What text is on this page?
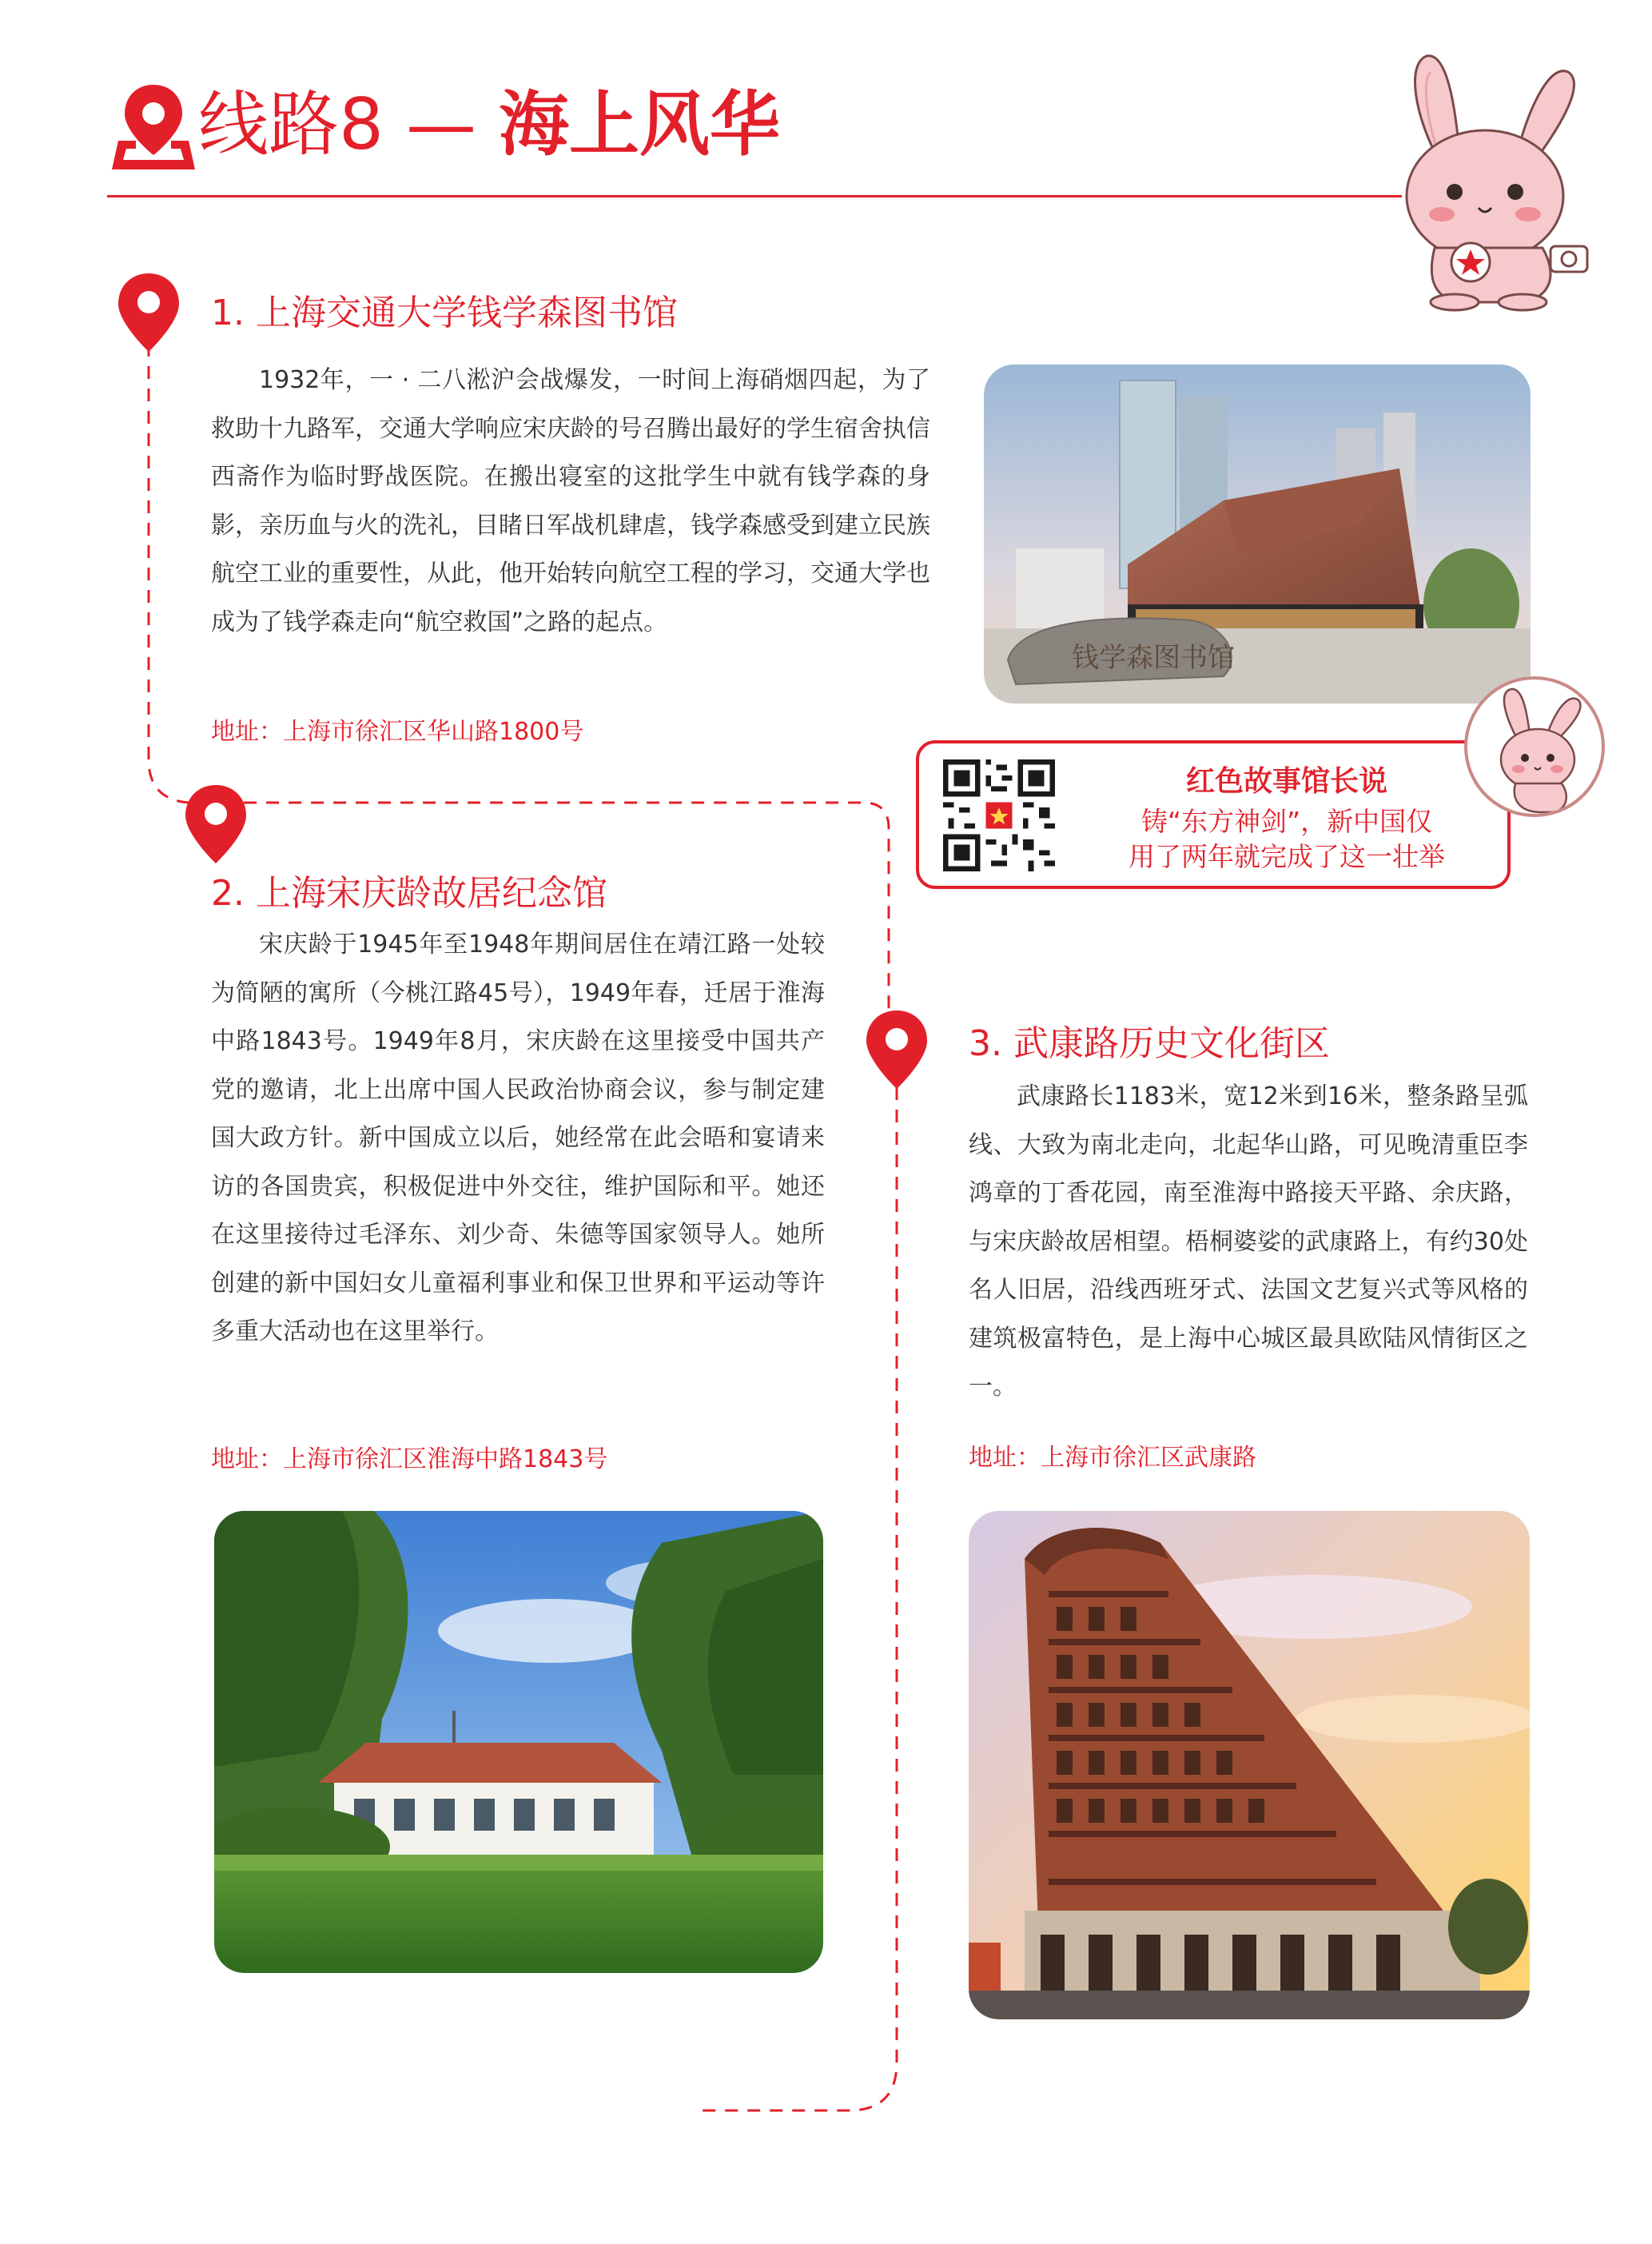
线路8 — 海上风华
1. 上海交通大学钱学森图书馆
1932年，一 · 二八淞沪会战爆发，一时间上海硝烟四起，为了救助十九路军，交通大学响应宋庆龄的号召腾出最好的学生宿舍执信西斋作为临时野战医院。在搬出寝室的这批学生中就有钱学森的身影，亲历血与火的洗礼，目睹日军战机肆虐，钱学森感受到建立民族航空工业的重要性，从此，他开始转向航空工程的学习，交通大学也成为了钱学森走向“航空救国”之路的起点。
地址：上海市徐汇区华山路1800号
钱学森图书馆
红色故事馆长说
铸“东方神剑”，新中国仅
用了两年就完成了这一壮举
2. 上海宋庆龄故居纪念馆
宋庆龄于1945年至1948年期间居住在靖江路一处较为简陋的寓所（今桃江路45号），1949年春，迁居于淮海中路1843号。1949年8月，宋庆龄在这里接受中国共产党的邀请，北上出席中国人民政治协商会议，参与制定建国大政方针。新中国成立以后，她经常在此会晤和宴请来访的各国贵宾，积极促进中外交往，维护国际和平。她还在这里接待过毛泽东、刘少奇、朱德等国家领导人。她所创建的新中国妇女儿童福利事业和保卫世界和平运动等许多重大活动也在这里举行。
地址：上海市徐汇区淮海中路1843号
3. 武康路历史文化街区
武康路长1183米，宽12米到16米，整条路呈弧线、大致为南北走向，北起华山路，可见晚清重臣李鸿章的丁香花园，南至淮海中路接天平路、余庆路，与宋庆龄故居相望。梧桐婆娑的武康路上，有约30处名人旧居，沿线西班牙式、法国文艺复兴式等风格的建筑极富特色，是上海中心城区最具欧陆风情街区之一。
地址：上海市徐汇区武康路
